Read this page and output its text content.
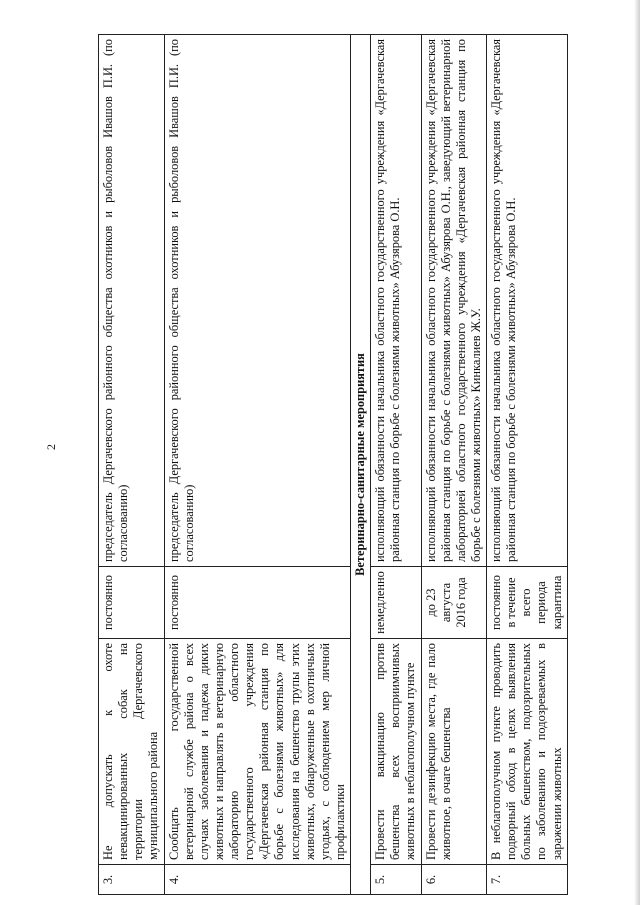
2
3.	Не допускать к охоте невакцинированных собак на территории Дергачевского муниципального района	постоянно	председатель Дергачевского районного общества охотников и рыболовов Ивашов П.И. (по согласованию)
4.	Сообщать государственной ветеринарной службе района о всех случаях заболевания и падежа диких животных и направлять в ветеринарную лабораторию областного государственного учреждения «Дергачевская районная станция по борьбе с болезнями животных» для исследования на бешенство трупы этих животных, обнаруженные в охотничьих угодьях, с соблюдением мер личной профилактики	постоянно	председатель Дергачевского районного общества охотников и рыболовов Ивашов П.И. (по согласованию)
Ветеринарно-санитарные мероприятия			
5.	Провести вакцинацию против бешенства всех восприимчивых животных в неблагополучном пункте	немедленно	исполняющий обязанности начальника областного государственного учреждения «Дергачевская районная станция по борьбе с болезнями животных» Абузярова О.Н.
6.	Провести дезинфекцию места, где пало животное, в очаге бешенства	до 23 августа 2016 года	исполняющий обязанности начальника областного государственного учреждения «Дергачевская районная станция по борьбе с болезнями животных» Абузярова О.Н., заведующий ветеринарной лабораторией областного государственного учреждения «Дергачевская районная станция по борьбе с болезнями животных» Кинкалиев Ж.У.
7.	В неблагополучном пункте проводить подворный обход в целях выявления больных бешенством, подозрительных по заболеванию и подозреваемых в заражении животных	постоянно в течение всего периода карантина	исполняющий обязанности начальника областного государственного учреждения «Дергачевская районная станция по борьбе с болезнями животных» Абузярова О.Н.
